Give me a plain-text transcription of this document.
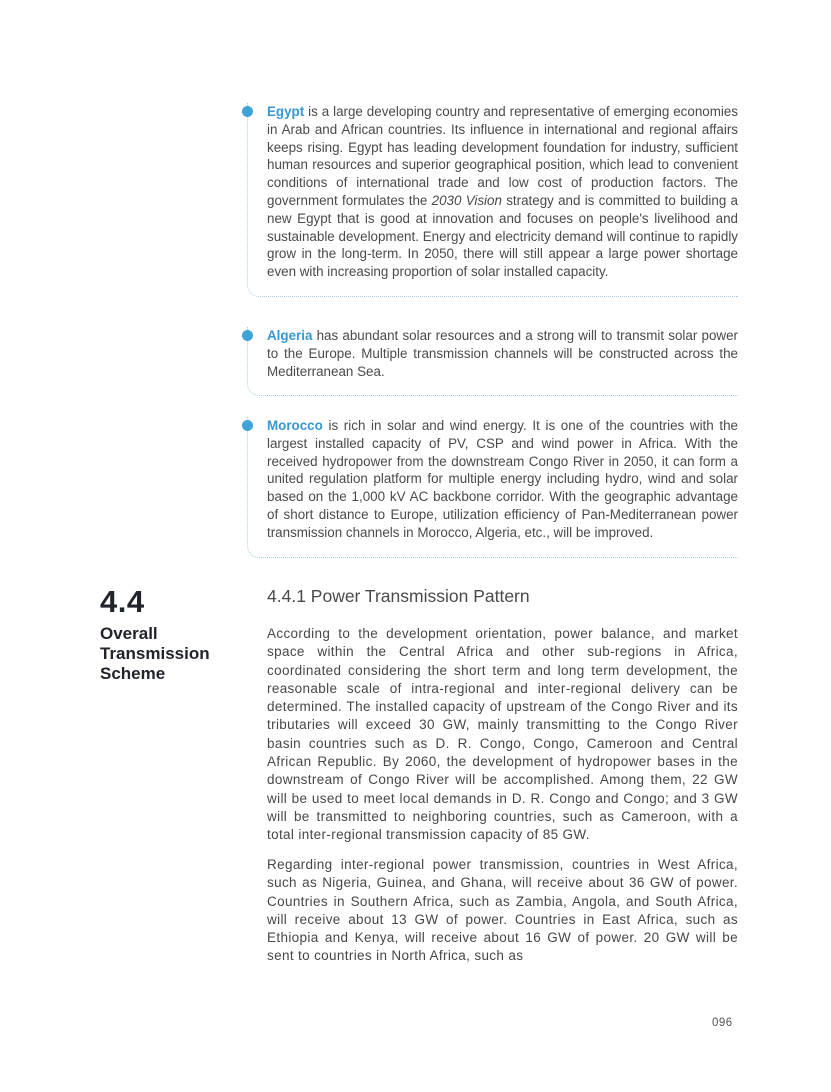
Egypt is a large developing country and representative of emerging economies in Arab and African countries. Its influence in international and regional affairs keeps rising. Egypt has leading development foundation for industry, sufficient human resources and superior geographical position, which lead to convenient conditions of international trade and low cost of production factors. The government formulates the 2030 Vision strategy and is committed to building a new Egypt that is good at innovation and focuses on people's livelihood and sustainable development. Energy and electricity demand will continue to rapidly grow in the long-term. In 2050, there will still appear a large power shortage even with increasing proportion of solar installed capacity.

Algeria has abundant solar resources and a strong will to transmit solar power to the Europe. Multiple transmission channels will be constructed across the Mediterranean Sea.

Morocco is rich in solar and wind energy. It is one of the countries with the largest installed capacity of PV, CSP and wind power in Africa. With the received hydropower from the downstream Congo River in 2050, it can form a united regulation platform for multiple energy including hydro, wind and solar based on the 1,000 kV AC backbone corridor. With the geographic advantage of short distance to Europe, utilization efficiency of Pan-Mediterranean power transmission channels in Morocco, Algeria, etc., will be improved.

4.4
Overall Transmission Scheme
4.4.1 Power Transmission Pattern

According to the development orientation, power balance, and market space within the Central Africa and other sub-regions in Africa, coordinated considering the short term and long term development, the reasonable scale of intra-regional and inter-regional delivery can be determined. The installed capacity of upstream of the Congo River and its tributaries will exceed 30 GW, mainly transmitting to the Congo River basin countries such as D. R. Congo, Congo, Cameroon and Central African Republic. By 2060, the development of hydropower bases in the downstream of Congo River will be accomplished. Among them, 22 GW will be used to meet local demands in D. R. Congo and Congo; and 3 GW will be transmitted to neighboring countries, such as Cameroon, with a total inter-regional transmission capacity of 85 GW.

Regarding inter-regional power transmission, countries in West Africa, such as Nigeria, Guinea, and Ghana, will receive about 36 GW of power. Countries in Southern Africa, such as Zambia, Angola, and South Africa, will receive about 13 GW of power. Countries in East Africa, such as Ethiopia and Kenya, will receive about 16 GW of power. 20 GW will be sent to countries in North Africa, such as

096
